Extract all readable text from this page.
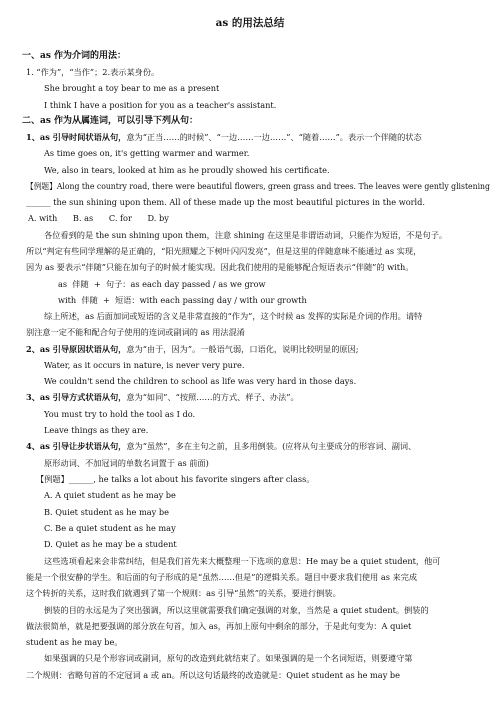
as 的用法总结
一、as 作为介词的用法：
1. “作为”，“当作”；2.表示某身份。
She brought a toy bear to me as a present
I think I have a position for you as a teacher's assistant.
二、as 作为从属连词，可以引导下列从句：
1、as 引导时间状语从句，意为“正当……的时候”、“一边……一边……”、“随着……”。表示一个伴随的状态
As time goes on, it's getting warmer and warmer.
We, also in tears, looked at him as he proudly showed his certificate.
【例题】Along the country road, there were beautiful flowers, green grass and trees. The leaves were gently glistening
______ the sun shining upon them. All of these made up the most beautiful pictures in the world.
A. with      B. as      C. for      D. by
各位看到的是 the sun shining upon them，注意 shining 在这里是非谓语动词，只能作为短语，不是句子。
所以“判定有些同学理解的是正确的，“阳光照耀之下树叶闪闪发亮”，但是这里的伴随意味不能通过 as 实现，
因为 as 要表示“伴随”只能在加句子的时候才能实现。因此我们使用的是能够配合短语表示“伴随”的 with。
as  伴随  +  句子：as each day passed / as we grow
with  伴随  +  短语：with each passing day / with our growth
综上所述，as 后面加词或短语的含义是非常直接的“作为”，这个时候 as 发挥的实际是介词的作用。请特
别注意一定不能和配合句子使用的连词或副词的 as 用法混淆
2、as 引导原因状语从句，意为“由于，因为”。一般语气弱，口语化，说明比较明显的原因;
Water, as it occurs in nature, is never very pure.
We couldn't send the children to school as life was very hard in those days.
3、as 引导方式状语从句，意为“如同”、“按照……的方式、样子、办法”。
You must try to hold the tool as I do.
Leave things as they are.
4、as 引导让步状语从句，意为“虽然”，多在主句之前，且多用倒装。(应将从句主要成分的形容词、副词、
原形动词、不加冠词的单数名词置于 as 前面)
【例题】______, he talks a lot about his favorite singers after class。
A. A quiet student as he may be
B. Quiet student as he may be
C. Be a quiet student as he may
D. Quiet as he may be a student
这些选项看起来会非常纠结，但是我们首先来大概整理一下选项的意思：He may be a quiet student，他可
能是一个很安静的学生。和后面的句子形成的是“虽然……但是”的逻辑关系。题目中要求我们使用 as 来完成
这个转折的关系，这时我们就遇到了第一个规则：as 引导“虽然”的关系，要进行倒装。
倒装的目的永远是为了突出强调，所以这里就需要我们确定强调的对象，当然是 a quiet student。倒装的
做法很简单，就是把要强调的部分放在句首，加入 as，再加上原句中剩余的部分，于是此句变为：A quiet
student as he may be。
如果强调的只是个形容词或副词，原句的改造到此就结束了。如果强调的是一个名词短语，则要遵守第
二个规则：省略句首的不定冠词 a 或 an。所以这句话最终的改造就是：Quiet student as he may be
